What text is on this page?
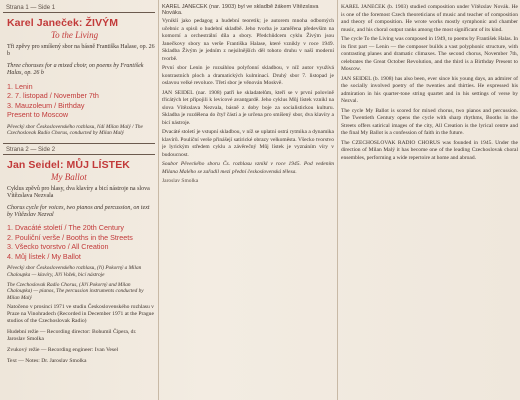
Strana 1 — Side 1
Karel Janeček: ŽIVÝM
To the Living
Tři zpěvy pro smíšený sbor na básně Františka Halase, op. 26 b
Three choruses for a mixed choir, on poems by František Halas, op. 26 b
1. Lenin
2. 7. listopad / November 7th
3. Mauzoleum / Birthday
Present to Moscow
Pěvecký sbor Československého rozhlasu, řídí Milan Malý / The Czechoslovak Radio Chorus, conducted by Milan Malý
Strana 2 — Side 2
Jan Seidel: MŮJ LÍSTEK
My Ballot
Cyklus zpěvů pro hlasy, dva klavíry a bicí nástroje na slova Vítězslava Nezvala
Chorus cycle for voices, two pianos and percussion, on text by Vítězslav Nezval
1. Dvacáté století / The 20th Century
2. Pouliční verše / Booths in the Streets
3. Všecko tvorstvo / All Creation
4. Můj lístek / My Ballot
Pěvecký sbor Československého rozhlasu, (ří) Pokorný a Milan Chaloupka — klavíry, Jiří Vožek, bicí nástroje
The Czechoslovak Radio Chorus, (Jiří Pokorný and Milan Chaloupka) — pianos, The percussion instruments conducted by Milan Malý
Natočeno v prosinci 1971 ve studiu Československého rozhlasu v Praze na Vinohradech (Recorded in December 1971 at the Prague studios of the Czechoslovak Radio)
Hudební režie — Recording director: Bohumil Čipera, dr. Jaroslav Smolka
Zvukový režie — Recording engineer: Ivan Vesel
Text — Notes: Dr. Jaroslav Smolka
KAREL JANEČEK (nar. 1903) byl ve skladbě žákem Vítězslava Nováka.

Vyniklí jako pedagog a hudební teoretik; je autorem mnoha odborných učebnic a spisů o hudební skladbě. Jeho tvorba je zaměřena především na komorní a orchestrální díla a sbory. Předchůdcem cyklu Živým jsou Janečkovy sbory na verše Františka Halase, které vznikly v roce 1949. Skladba Živým je jedním z nejsilnějších děl tohoto druhu v naší moderní tvorbě.

První sbor Lenin je rozsáhlou polyfonní skladbou, v níž autor využívá kontrastních ploch a dramatických kulminací. Druhý sbor 7. listopad je oslavou velké revoluce. Třetí sbor je věnován Moskvě.

JAN SEIDEL (nar. 1908) patří ke skladatelům, kteří se v první polovině třicátých let připojili k levicové avantgardě. Jeho cyklus Můj lístek vznikl na slova Vítězslava Nezvala, básně z doby boje za socialistickou kulturu. Skladba je rozdělena do čtyř částí a je určena pro smíšený sbor, dva klavíry a bicí nástroje.

Dvacáté století je vstupní skladbou, v níž se uplatní ostrá rytmika a dynamika klavírů. Pouliční verše přinášejí satirické obrazy velkoměsta. Všecko tvorstvo je lyrickým středem cyklu a závěrečný Můj lístek je vyznáním víry v budoucnost.

Soubor Pěveckého sboru Čs. rozhlasu vznikl v roce 1945. Pod vedením Milana Malého se zařadil mezi přední československá tělesa.

Jaroslav Smolka

KAREL JANEČEK (b. 1903) studied composition under Vítězslav Novák. He is one of the foremost Czech theoreticians of music and teacher of composition and theory of composition. He wrote works mostly symphonic and chamber music, and his choral output ranks among the most significant of its kind.

The cycle To the Living was composed in 1949, to poems by František Halas. In its first part — Lenin — the composer builds a vast polyphonic structure, with contrasting planes and dramatic climaxes. The second chorus, November 7th, celebrates the Great October Revolution, and the third is a Birthday Present to Moscow.

JAN SEIDEL (b. 1908) has also been, ever since his young days, an admirer of the socially involved poetry of the twenties and thirties. He expressed his admiration in his quarter-tone string quartet and in his settings of verse by Nezval.

The cycle My Ballot is scored for mixed chorus, two pianos and percussion. The Twentieth Century opens the cycle with sharp rhythms, Booths in the Streets offers satirical images of the city, All Creation is the lyrical centre and the final My Ballot is a confession of faith in the future.

The CZECHOSLOVAK RADIO CHORUS was founded in 1945. Under the direction of Milan Malý it has become one of the leading Czechoslovak choral ensembles, performing a wide repertoire at home and abroad.
